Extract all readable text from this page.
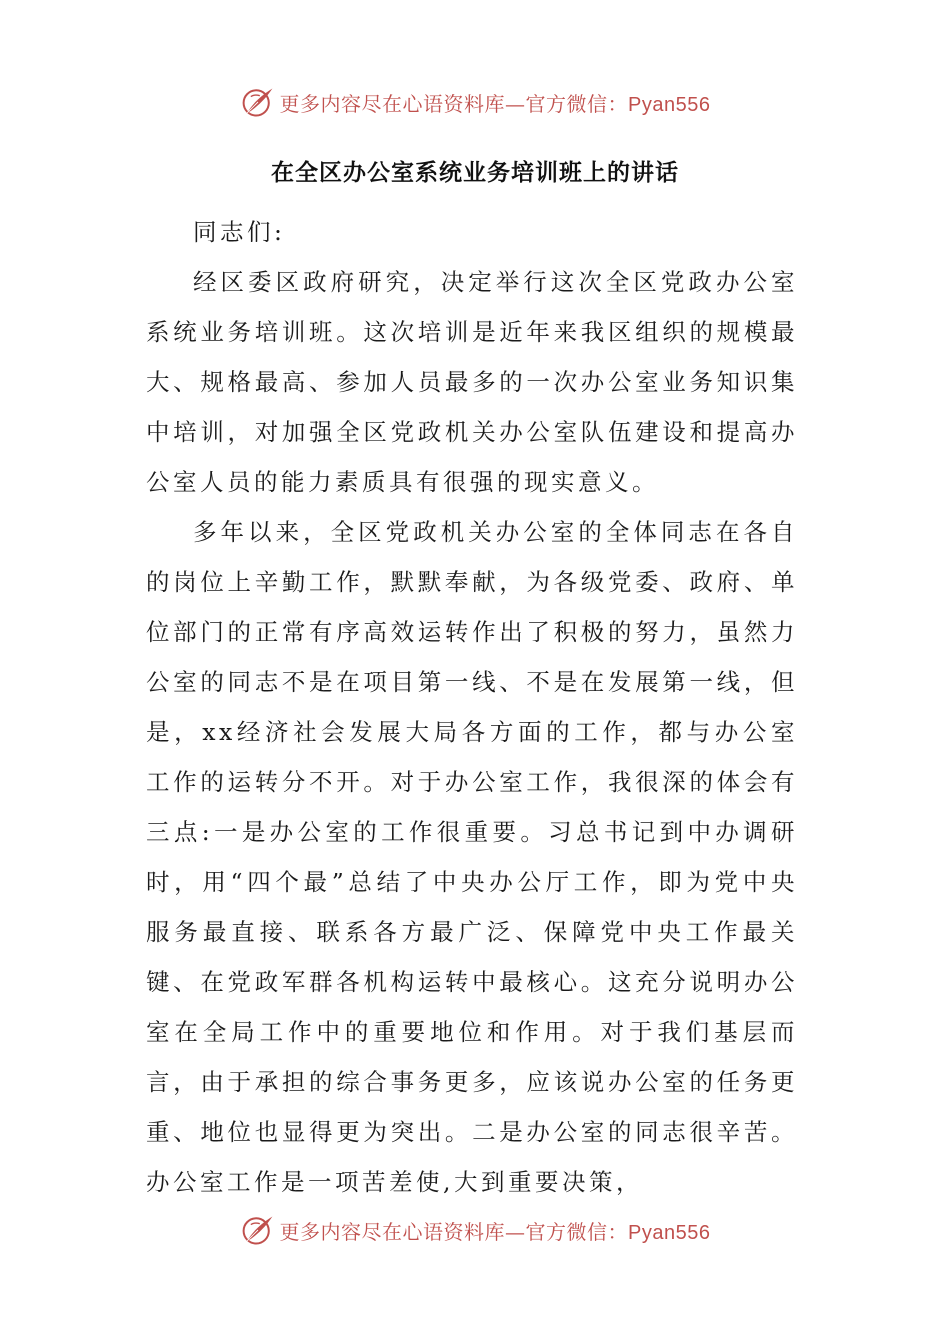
更多内容尽在心语资料库—官方微信：Pyan556
在全区办公室系统业务培训班上的讲话

同志们:

经区委区政府研究，决定举行这次全区党政办公室系统业务培训班。这次培训是近年来我区组织的规模最大、规格最高、参加人员最多的一次办公室业务知识集中培训，对加强全区党政机关办公室队伍建设和提高办公室人员的能力素质具有很强的现实意义。

多年以来，全区党政机关办公室的全体同志在各自的岗位上辛勤工作，默默奉献，为各级党委、政府、单位部门的正常有序高效运转作出了积极的努力，虽然力公室的同志不是在项目第一线、不是在发展第一线，但是，xx经济社会发展大局各方面的工作，都与办公室工作的运转分不开。对于办公室工作，我很深的体会有三点:一是办公室的工作很重要。习总书记到中办调研时，用“四个最”总结了中央办公厅工作，即为党中央服务最直接、联系各方最广泛、保障党中央工作最关键、在党政军群各机构运转中最核心。这充分说明办公室在全局工作中的重要地位和作用。对于我们基层而言，由于承担的综合事务更多，应该说办公室的任务更重、地位也显得更为突出。二是办公室的同志很辛苦。办公室工作是一项苦差使,大到重要决策，

更多内容尽在心语资料库—官方微信：Pyan556
